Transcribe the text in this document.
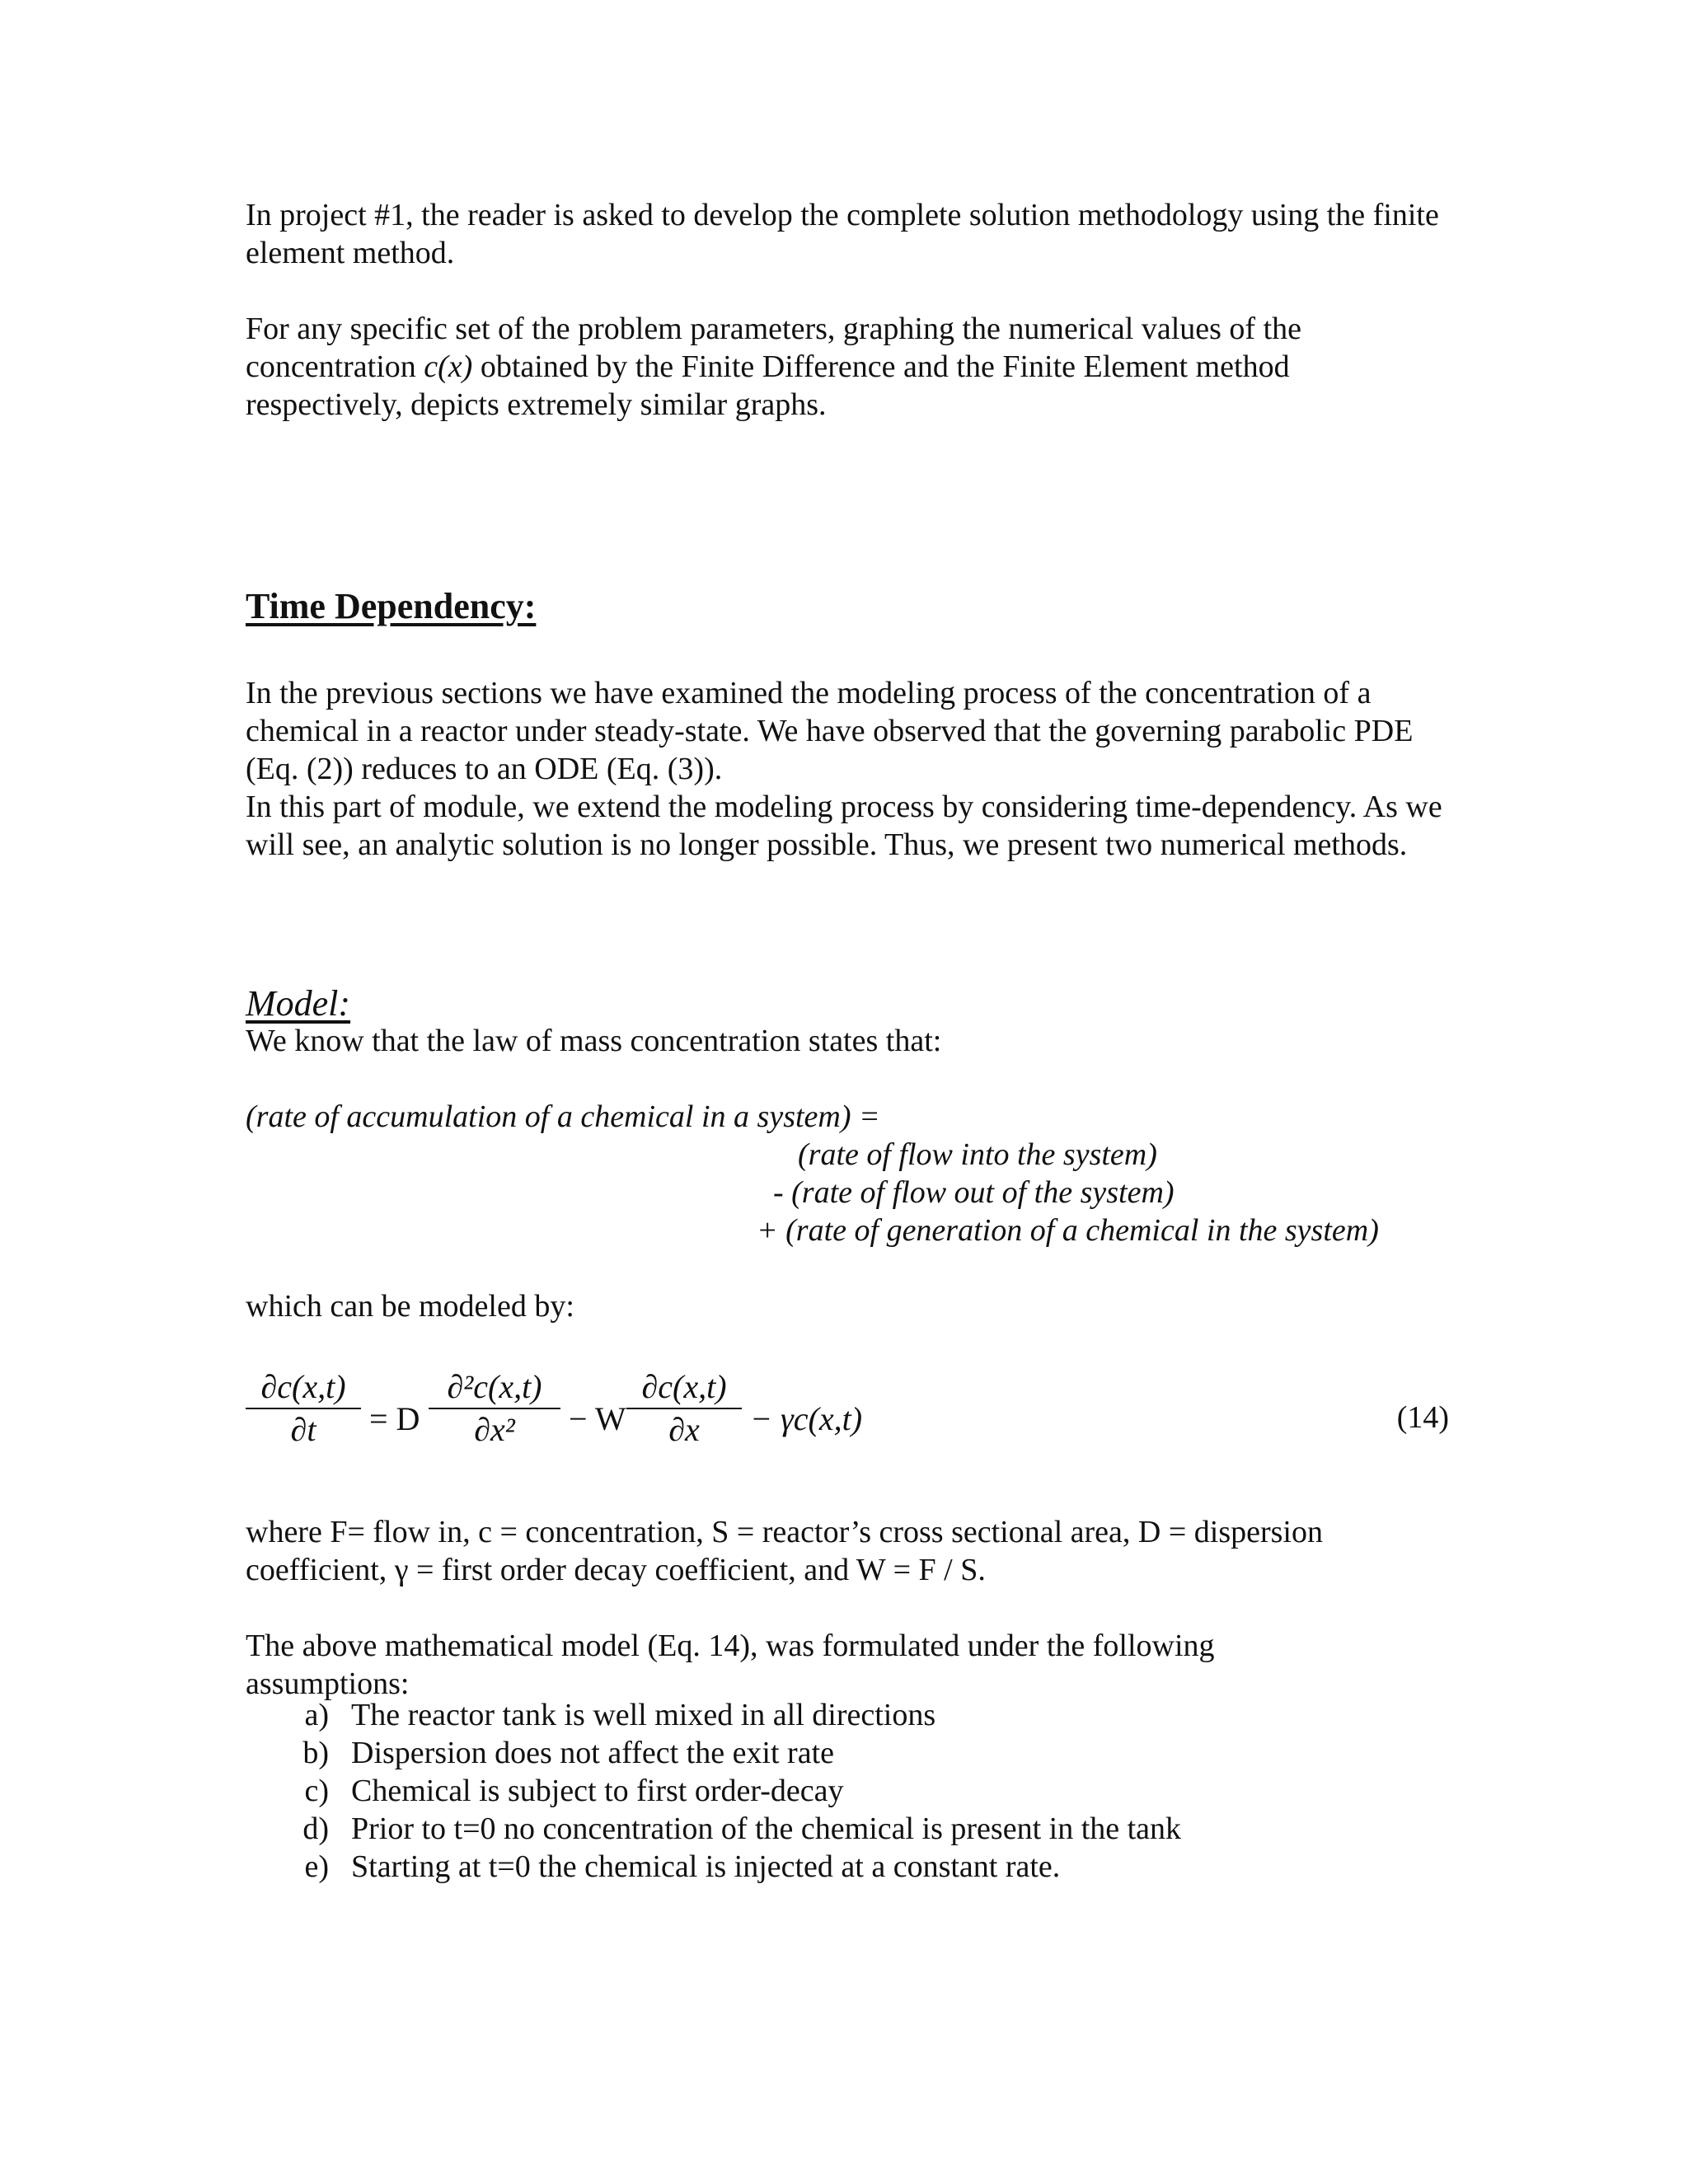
In project #1, the reader is asked to develop the complete solution methodology using the finite element method.
For any specific set of the problem parameters, graphing the numerical values of the concentration c(x) obtained by the Finite Difference and the Finite Element method respectively, depicts extremely similar graphs.
Time Dependency:
In the previous sections we have examined the modeling process of the concentration of a chemical in a reactor under steady-state. We have observed that the governing parabolic PDE (Eq. (2)) reduces to an ODE (Eq. (3)).
In this part of module, we extend the modeling process by considering time-dependency. As we will see, an analytic solution is no longer possible. Thus, we present two numerical methods.
Model:
We know that the law of mass concentration states that:
(rate of accumulation of a chemical in a system) =
(rate of flow into the system)
- (rate of flow out of the system)
+ (rate of generation of a chemical in the system)
which can be modeled by:
∂c(x,t)
∂t	= D
∂²c(x,t)
∂x²	− W
∂c(x,t)
∂x	− γc(x,t)	(14)
where F= flow in, c = concentration, S = reactor’s cross sectional area, D = dispersion
coefficient, γ = first order decay coefficient, and W = F / S.
The above mathematical model (Eq. 14), was formulated under the following assumptions:
a. The reactor tank is well mixed in all directions
b. Dispersion does not affect the exit rate
c. Chemical is subject to first order-decay
d. Prior to t=0 no concentration of the chemical is present in the tank
e. Starting at t=0 the chemical is injected at a constant rate.
